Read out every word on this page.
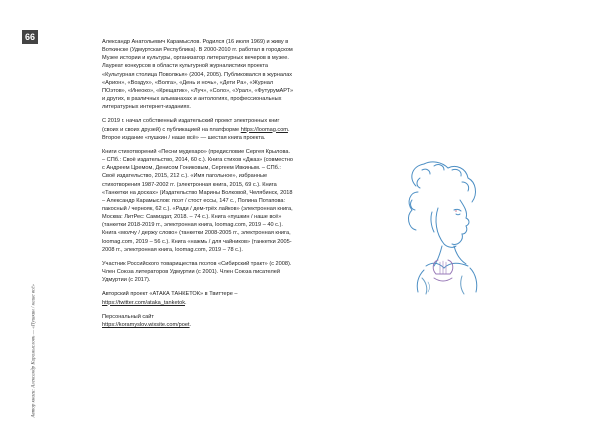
66
Автор книги: Александр Карамысловъ — «Пушкин / наше всё»

Александр Анатольевич Карамыслов. Родился (16 июля 1969) и живу в Воткинске (Удмуртская Республика). В 2000-2010 гг. работал в городском Музее истории и культуры, организатор литературных вечеров в музее. Лауреат конкурсов в области культурной журналистики проекта «Культурная столица Поволжья» (2004, 2005). Публиковался в журналах «Арион», «Воздух», «Волга», «День и ночь», «Дети Ра», «Журнал ПОэтов», «Инеоко», «Крещатик», «Луч», «Соло», «Урал», «ФутурумАРТ» и других, в различных альманахах и антологиях, профессиональных литературных интернет-изданиях.

С 2019 г. начал собственный издательский проект электронных книг (своих и своих друзей) с публикацией на платформе https://loomag.com. Второе издание «пушкин / наше всё» — шестая книга проекта.

Книги стихотворений «Песни мудехаро» (предисловие Сергея Крылова. – СПб.: Своё издательство, 2014, 60 с.). Книга стихов «Джаз» (совместно с Андреем Цремом, Денисом Гониковым, Сергеем Ивкиным. – СПб.: Своё издательство, 2015, 212 с.). «Имя пагольное», избранные стихотворения 1987-2002 гг. (электронная книга, 2015, 69 с.). Книга «Танкетки на досках» (Издательство Марины Волковой, Челябинск, 2018 – Александр Карамыслов: поэт / стост ессы, 147 с., Полина Потапова: пакосный / чернояк, 62 с.). «Ради / дем-трёх лайков» (электронная книга, Москва: ЛитРес: Самиздат, 2018. – 74 с.). Книга «пушкин / наше всё» (танкетки 2018-2019 гг., электронная книга, loomag.com, 2019 – 40 с.). Книга «молчу / держу слово» (танкетки 2008-2005 гг., электронная книга, loomag.com, 2019 – 56 с.). Книга «нажмь / для чайников» (танкетки 2005-2008 гг., электронная книга, loomag.com, 2019 – 78 с.).

Участник Российского товарищества поэтов «Сибирский тракт» (с 2008). Член Союза литераторов Удмуртии (с 2001). Член Союза писателей Удмуртии (с 2017).

Авторский проект «АТАКА ТАНКЕТОК» в Твиттере – https://twitter.com/ataka_tanketok.

Персональный сайт
https://koramyslov.wixsite.com/poet.
